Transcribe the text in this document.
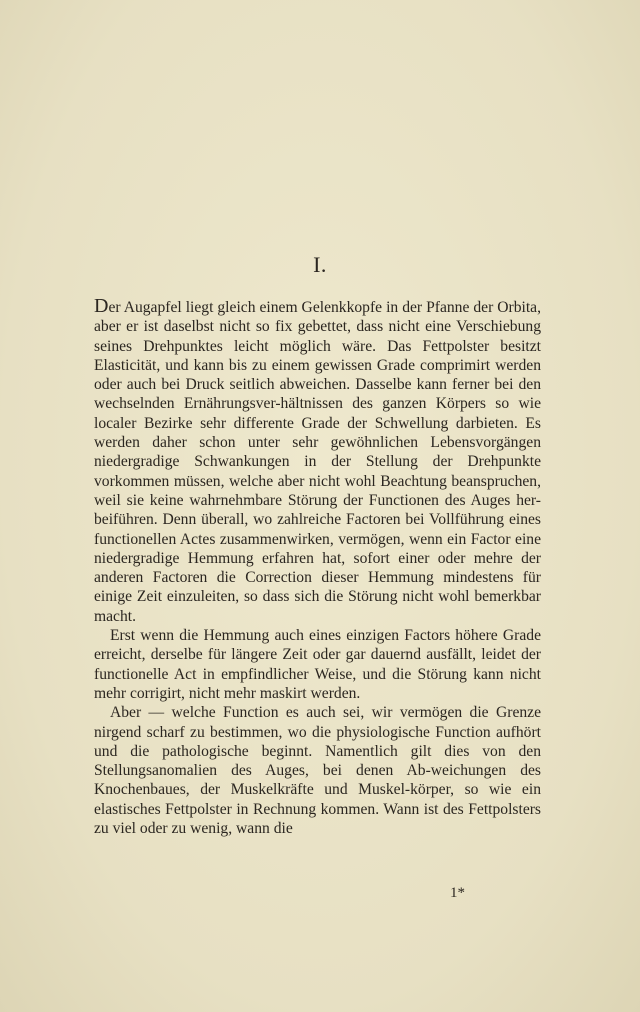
I.

Der Augapfel liegt gleich einem Gelenkkopfe in der Pfanne der Orbita, aber er ist daselbst nicht so fix gebettet, dass nicht eine Verschiebung seines Drehpunktes leicht möglich wäre. Das Fettpolster besitzt Elasticität, und kann bis zu einem gewissen Grade comprimirt werden oder auch bei Druck seitlich abweichen. Dasselbe kann ferner bei den wechselnden Ernährungsver-hältnissen des ganzen Körpers so wie localer Bezirke sehr differente Grade der Schwellung darbieten. Es werden daher schon unter sehr gewöhnlichen Lebensvorgängen niedergradige Schwankungen in der Stellung der Drehpunkte vorkommen müssen, welche aber nicht wohl Beachtung beanspruchen, weil sie keine wahrnehmbare Störung der Functionen des Auges her-beiführen. Denn überall, wo zahlreiche Factoren bei Vollführung eines functionellen Actes zusammenwirken, vermögen, wenn ein Factor eine niedergradige Hemmung erfahren hat, sofort einer oder mehre der anderen Factoren die Correction dieser Hemmung mindestens für einige Zeit einzuleiten, so dass sich die Störung nicht wohl bemerkbar macht.

Erst wenn die Hemmung auch eines einzigen Factors höhere Grade erreicht, derselbe für längere Zeit oder gar dauernd ausfällt, leidet der functionelle Act in empfindlicher Weise, und die Störung kann nicht mehr corrigirt, nicht mehr maskirt werden.

Aber — welche Function es auch sei, wir vermögen die Grenze nirgend scharf zu bestimmen, wo die physiologische Function aufhört und die pathologische beginnt. Namentlich gilt dies von den Stellungsanomalien des Auges, bei denen Ab-weichungen des Knochenbaues, der Muskelkräfte und Muskel-körper, so wie ein elastisches Fettpolster in Rechnung kommen. Wann ist des Fettpolsters zu viel oder zu wenig, wann die

1*
